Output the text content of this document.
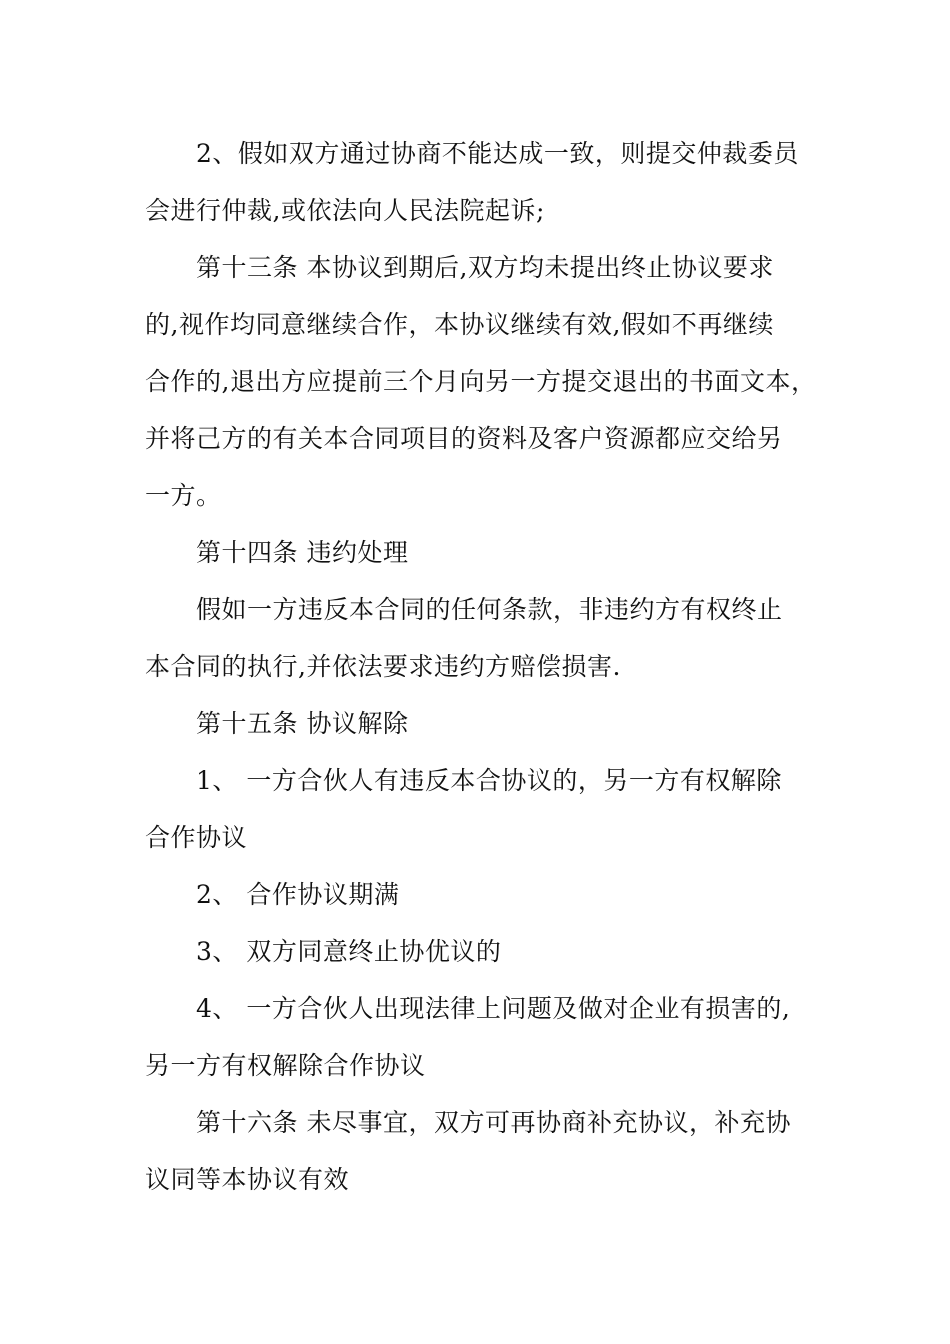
2、假如双方通过协商不能达成一致，则提交仲裁委员
会进行仲裁,或依法向人民法院起诉;
第十三条 本协议到期后,双方均未提出终止协议要求
的,视作均同意继续合作，本协议继续有效,假如不再继续
合作的,退出方应提前三个月向另一方提交退出的书面文本，
并将己方的有关本合同项目的资料及客户资源都应交给另
一方。
第十四条 违约处理
假如一方违反本合同的任何条款，非违约方有权终止
本合同的执行,并依法要求违约方赔偿损害.
第十五条 协议解除
1、 一方合伙人有违反本合协议的，另一方有权解除
合作协议
2、 合作协议期满
3、 双方同意终止协优议的
4、 一方合伙人出现法律上问题及做对企业有损害的,
另一方有权解除合作协议
第十六条 未尽事宜，双方可再协商补充协议，补充协
议同等本协议有效
